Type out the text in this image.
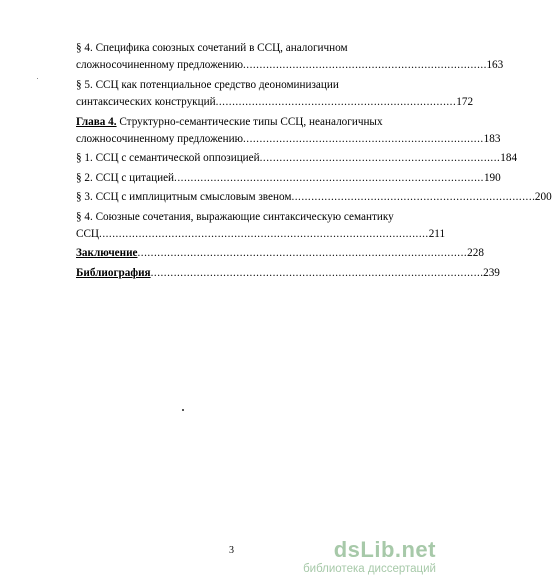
§ 4. Специфика союзных сочетаний в ССЦ, аналогичном
сложносочиненному предложению ......................................................................... .163
§ 5. ССЦ как потенциальное средство деономинизации
синтаксических конструкций ......................................................................... 172
Глава 4.
Структурно-семантические типы ССЦ, неаналогичных
сложносочиненному предложению ......................................................................... 183
§ 1. ССЦ с семантической оппозицией ......................................................................... 184
§ 2. ССЦ с цитацией .............................................................................................. 190
§ 3. ССЦ с имплицитным смысловым звеном ......................................................................... .200
§ 4. Союзные сочетания, выражающие синтаксическую семантику
ССЦ .................................................................................................... 211
Заключение .................................................................................................... 228
Библиография .................................................................................................... .239
3	dsLib.net
библиотека диссертаций
